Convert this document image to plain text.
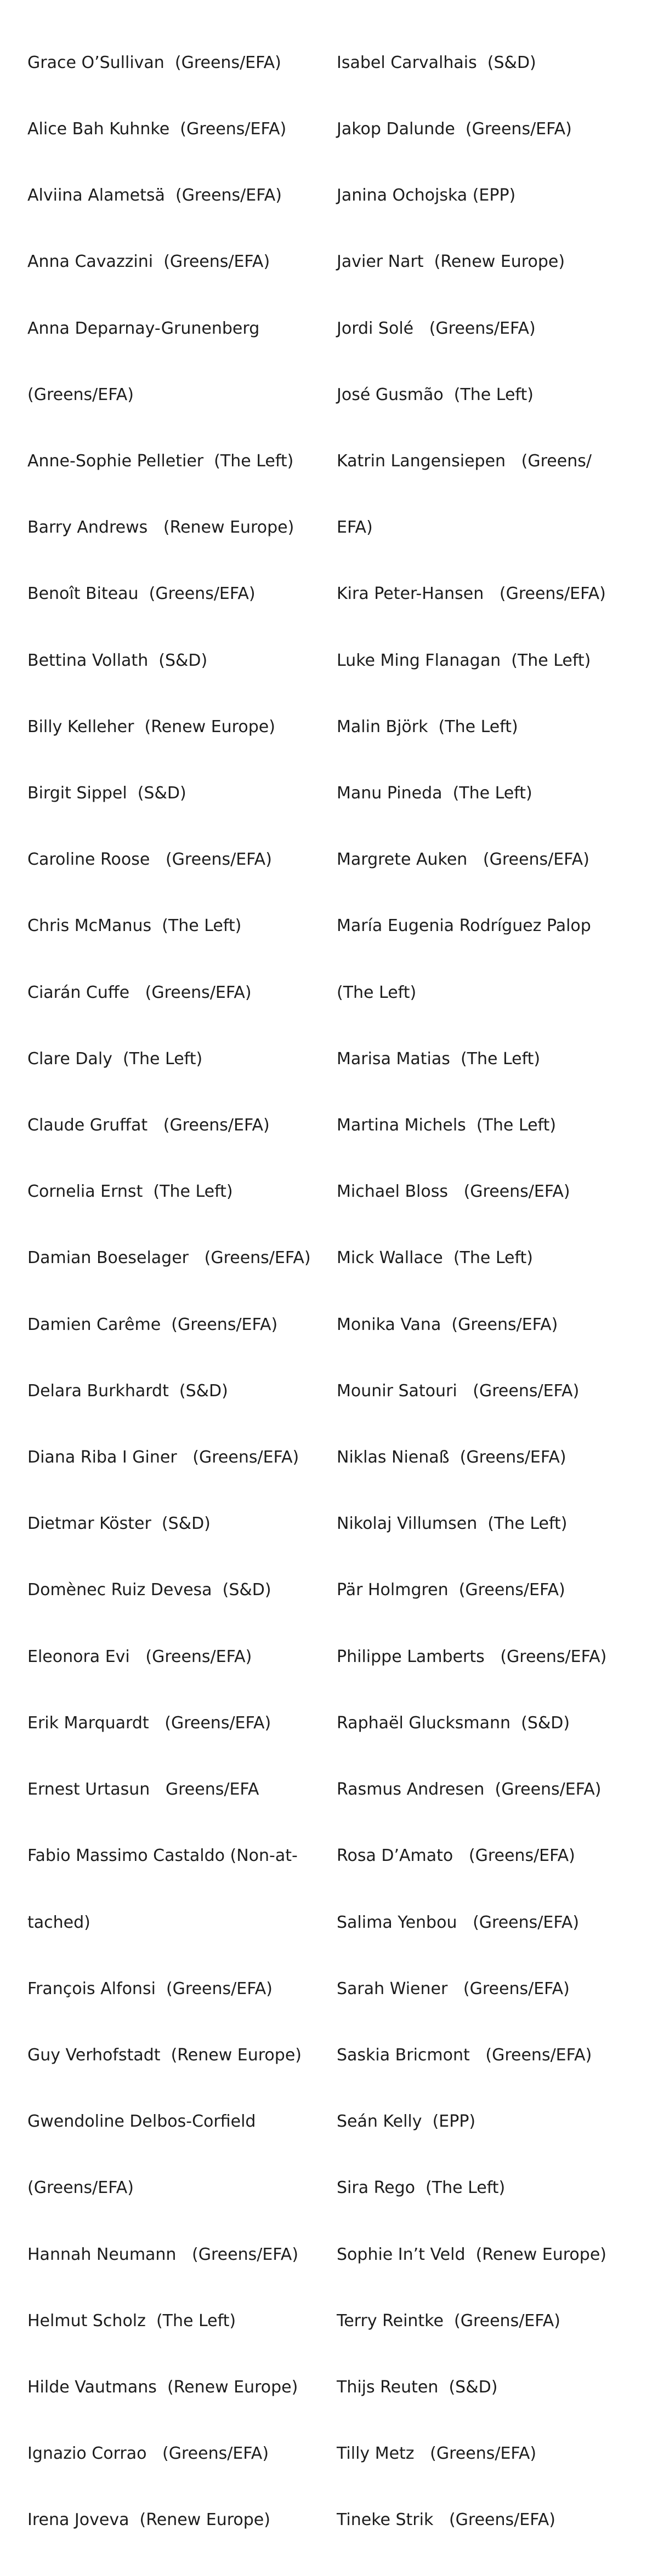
Grace O’Sullivan  (Greens/EFA)

Alice Bah Kuhnke  (Greens/EFA)

Alviina Alametsä  (Greens/EFA)

Anna Cavazzini  (Greens/EFA)

Anna Deparnay-Grunenberg

(Greens/EFA)

Anne-Sophie Pelletier  (The Left)

Barry Andrews   (Renew Europe)

Benoît Biteau  (Greens/EFA)

Bettina Vollath  (S&D)

Billy Kelleher  (Renew Europe)

Birgit Sippel  (S&D)

Caroline Roose   (Greens/EFA)

Chris McManus  (The Left)

Ciarán Cuffe   (Greens/EFA)

Clare Daly  (The Left)

Claude Gruffat   (Greens/EFA)

Cornelia Ernst  (The Left)

Damian Boeselager   (Greens/EFA)

Damien Carême  (Greens/EFA)

Delara Burkhardt  (S&D)

Diana Riba I Giner   (Greens/EFA)

Dietmar Köster  (S&D)

Domènec Ruiz Devesa  (S&D)

Eleonora Evi   (Greens/EFA)

Erik Marquardt   (Greens/EFA)

Ernest Urtasun   Greens/EFA

Fabio Massimo Castaldo (Non-at-

tached)

François Alfonsi  (Greens/EFA)

Guy Verhofstadt  (Renew Europe)

Gwendoline Delbos-Corfield

(Greens/EFA)

Hannah Neumann   (Greens/EFA)

Helmut Scholz  (The Left)

Hilde Vautmans  (Renew Europe)

Ignazio Corrao   (Greens/EFA)

Irena Joveva  (Renew Europe)

Isabel Carvalhais  (S&D)

Jakop Dalunde  (Greens/EFA)

Janina Ochojska (EPP)

Javier Nart  (Renew Europe)

Jordi Solé   (Greens/EFA)

José Gusmão  (The Left)

Katrin Langensiepen   (Greens/

EFA)

Kira Peter-Hansen   (Greens/EFA)

Luke Ming Flanagan  (The Left)

Malin Björk  (The Left)

Manu Pineda  (The Left)

Margrete Auken   (Greens/EFA)

María Eugenia Rodríguez Palop

(The Left)

Marisa Matias  (The Left)

Martina Michels  (The Left)

Michael Bloss   (Greens/EFA)

Mick Wallace  (The Left)

Monika Vana  (Greens/EFA)

Mounir Satouri   (Greens/EFA)

Niklas Nienaß  (Greens/EFA)

Nikolaj Villumsen  (The Left)

Pär Holmgren  (Greens/EFA)

Philippe Lamberts   (Greens/EFA)

Raphaël Glucksmann  (S&D)

Rasmus Andresen  (Greens/EFA)

Rosa D’Amato   (Greens/EFA)

Salima Yenbou   (Greens/EFA)

Sarah Wiener   (Greens/EFA)

Saskia Bricmont   (Greens/EFA)

Seán Kelly  (EPP)

Sira Rego  (The Left)

Sophie In’t Veld  (Renew Europe)

Terry Reintke  (Greens/EFA)

Thijs Reuten  (S&D)

Tilly Metz   (Greens/EFA)

Tineke Strik   (Greens/EFA)
